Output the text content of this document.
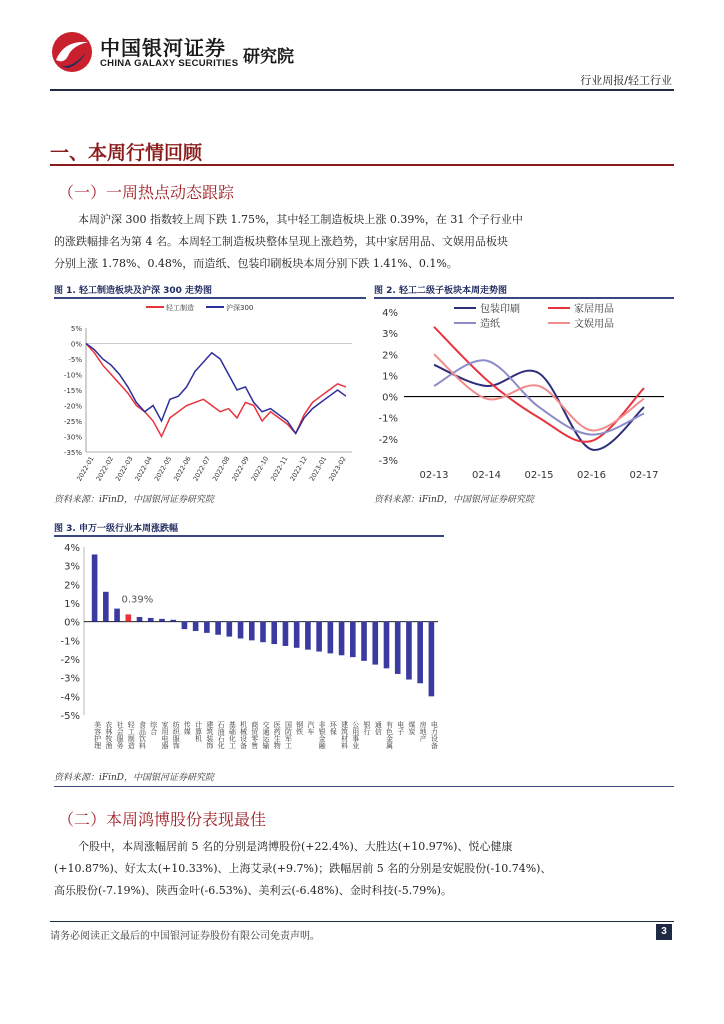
中国银河证券
CHINA GALAXY SECURITIES 研究院
行业周报/轻工行业
一、本周行情回顾
（一）一周热点动态跟踪
本周沪深 300 指数较上周下跌 1.75%，其中轻工制造板块上涨 0.39%，在 31 个子行业中
的涨跌幅排名为第 4 名。本周轻工制造板块整体呈现上涨趋势，其中家居用品、文娱用品板块
分别上涨 1.78%、0.48%，而造纸、包装印刷板块本周分别下跌 1.41%、0.1%。
图 1. 轻工制造板块及沪深 300 走势图
5%
0%
-5%
-10%
-15%
-20%
-25%
-30%
-35%
2022-01
2022-02
2022-03
2022-04
2022-05
2022-06
2022-07
2022-08
2022-09
2022-10
2022-11
2022-12
2023-01
2023-02
轻工制造	沪深300
资料来源：iFinD，中国银河证券研究院
图 2. 轻工二级子板块本周走势图
4%
3%
2%
1%
0%
-1%
-2%
-3%
02-13 02-14 02-15 02-16 02-17
包装印刷	家居用品
造纸	文娱用品
资料来源：iFinD，中国银河证券研究院
图 3. 申万一级行业本周涨跌幅
4%
3%
2%
1%
0%
-1%
-2%
-3%
-4%
-5%
0.39%
美容护理 农林牧渔 社会服务 轻工制造 食品饮料 综合 家用电器 纺织服饰 传媒 计算机 建筑装饰 石油石化 基础化工 机械设备 商贸零售 交通运输 医药生物 国防军工 钢铁 汽车 非银金融 环保 建筑材料 公用事业 银行 通信 有色金属 电子 煤炭 房地产 电力设备
资料来源：iFinD，中国银河证券研究院
（二）本周鸿博股份表现最佳
个股中，本周涨幅居前 5 名的分别是鸿博股份(+22.4%)、大胜达(+10.97%)、悦心健康
(+10.87%)、好太太(+10.33%)、上海艾录(+9.7%)；跌幅居前 5 名的分别是安妮股份(-10.74%)、
高乐股份(-7.19%)、陕西金叶(-6.53%)、美利云(-6.48%)、金时科技(-5.79%)。
请务必阅读正文最后的中国银河证券股份有限公司免责声明。	3
